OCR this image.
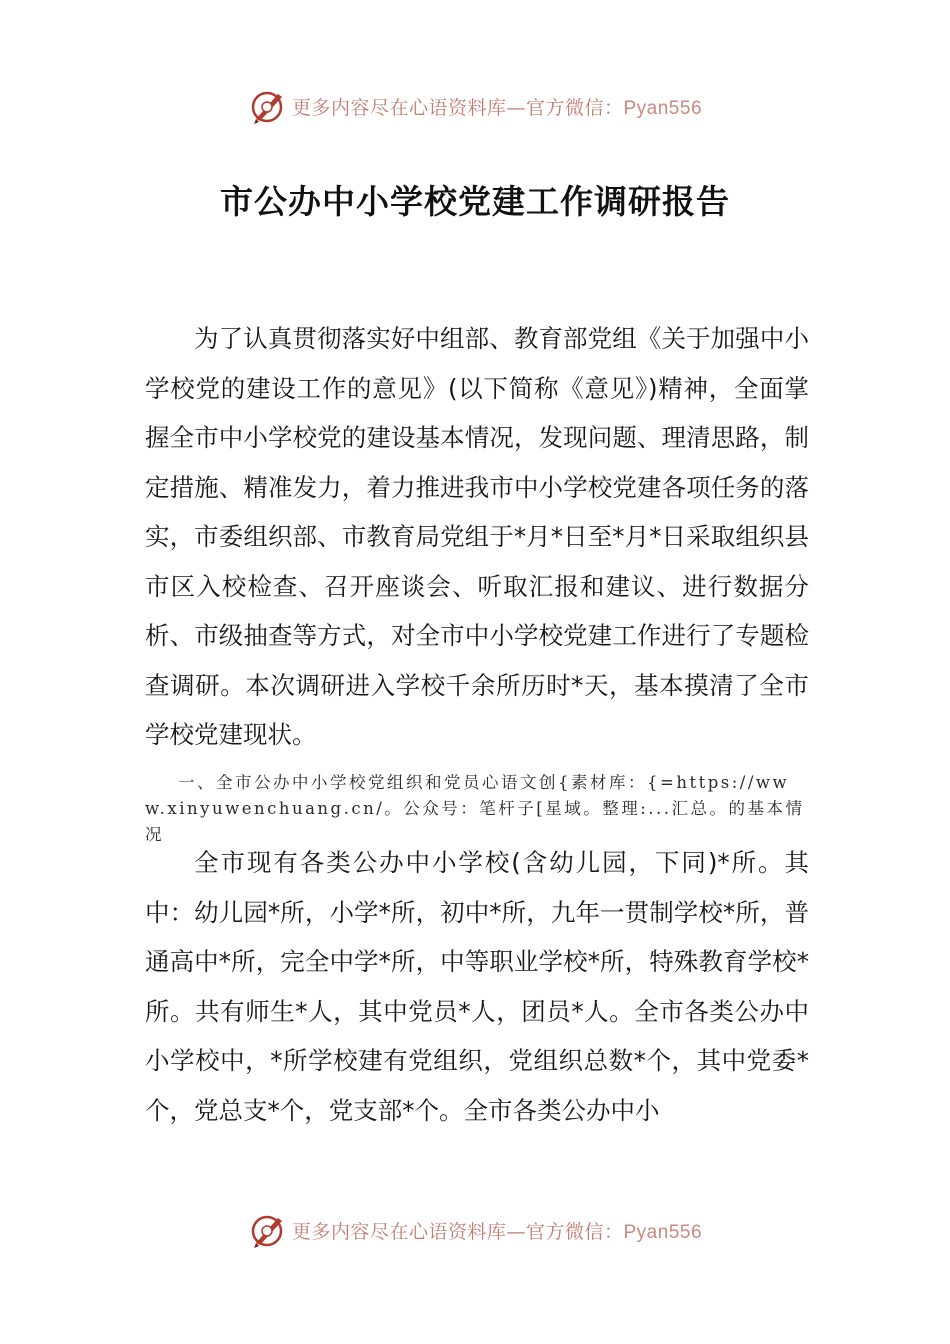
更多内容尽在心语资料库—官方微信：Pyan556
市公办中小学校党建工作调研报告

为了认真贯彻落实好中组部、教育部党组《关于加强中小学校党的建设工作的意见》(以下简称《意见》)精神，全面掌握全市中小学校党的建设基本情况，发现问题、理清思路，制定措施、精准发力，着力推进我市中小学校党建各项任务的落实，市委组织部、市教育局党组于*月*日至*月*日采取组织县市区入校检查、召开座谈会、听取汇报和建议、进行数据分析、市级抽查等方式，对全市中小学校党建工作进行了专题检查调研。本次调研进入学校千余所历时*天，基本摸清了全市学校党建现状。

一、全市公办中小学校党组织和党员心语文创{素材库：{=https://www.xinyuwenchuang.cn/。公众号：笔杆子[星域。整理:...汇总。的基本情况

全市现有各类公办中小学校(含幼儿园，下同)*所。其中：幼儿园*所，小学*所，初中*所，九年一贯制学校*所，普通高中*所，完全中学*所，中等职业学校*所，特殊教育学校*所。共有师生*人，其中党员*人，团员*人。全市各类公办中小学校中，*所学校建有党组织，党组织总数*个，其中党委*个，党总支*个，党支部*个。全市各类公办中小

更多内容尽在心语资料库—官方微信：Pyan556
